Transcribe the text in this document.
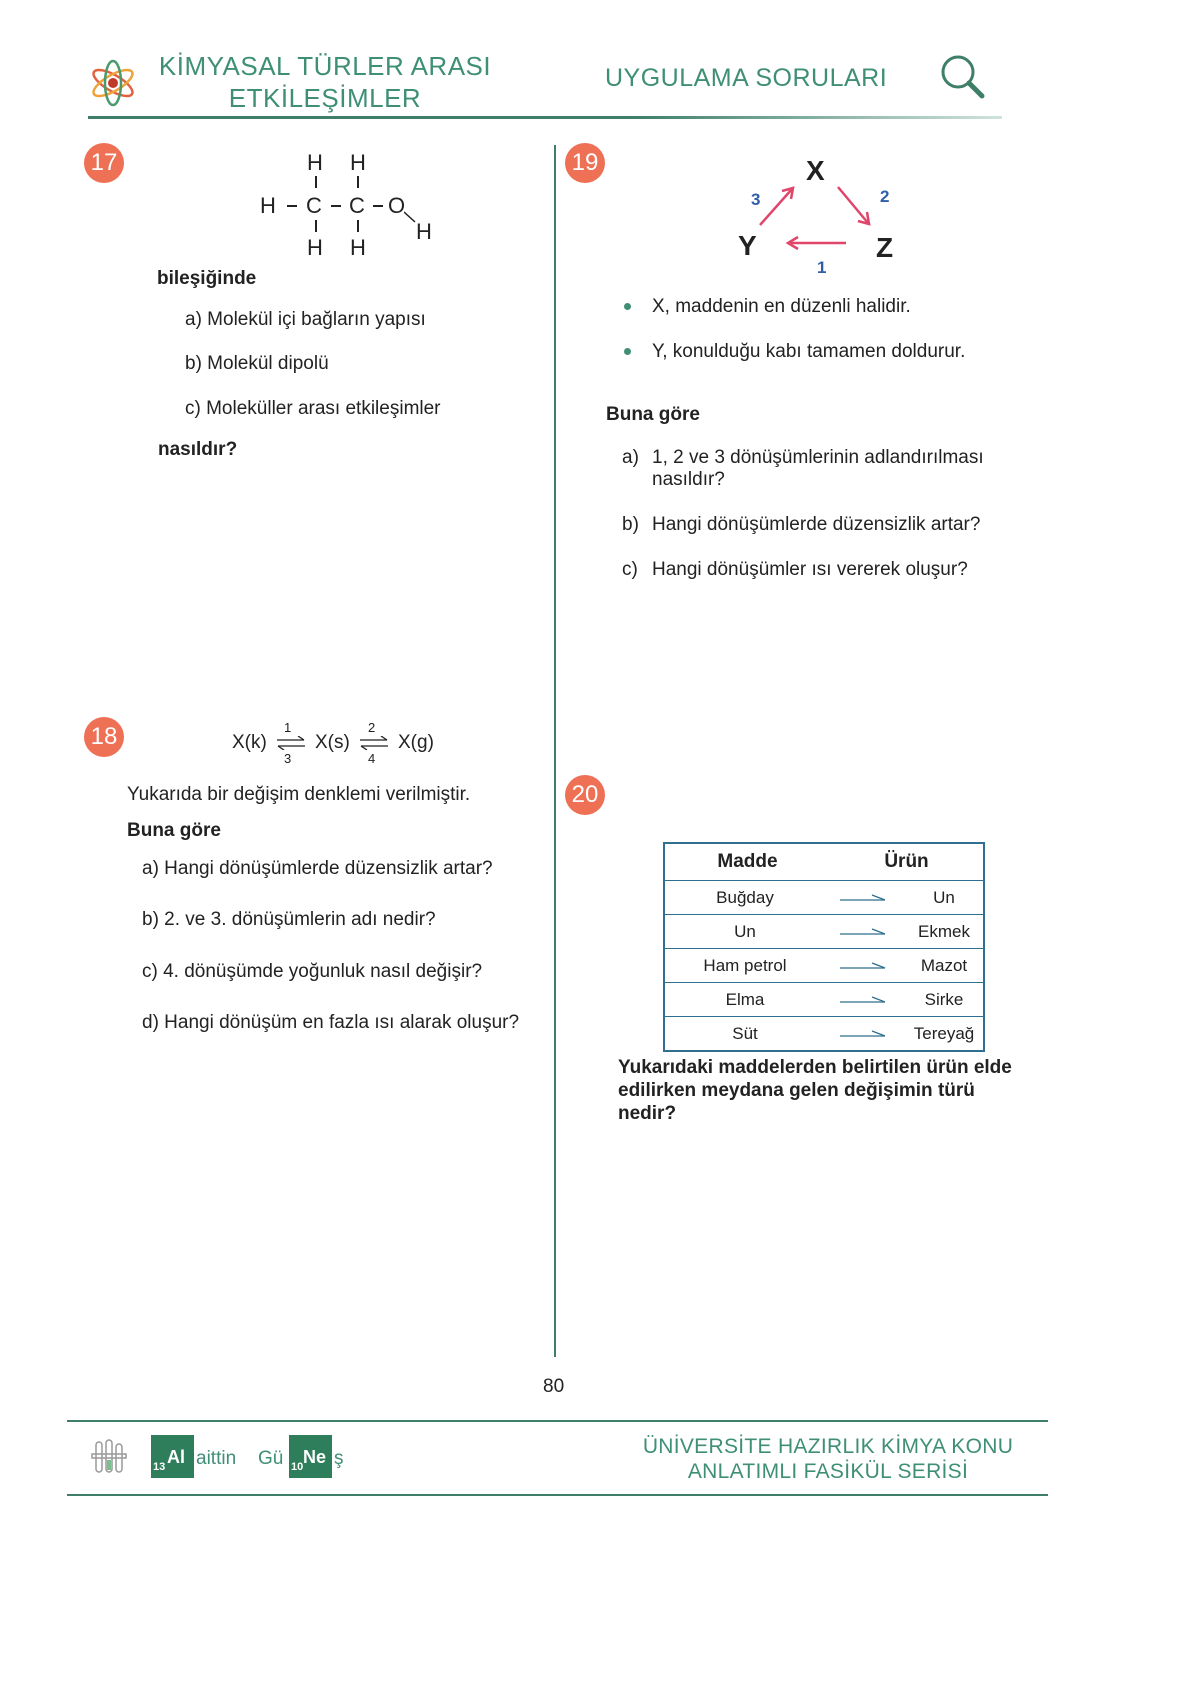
KİMYASAL TÜRLER ARASI
ETKİLEŞİMLER
UYGULAMA SORULARI
17	H H
H C C O
H
H H
bileşiğinde
a) Molekül içi bağların yapısı
b) Molekül dipolü
c) Moleküller arası etkileşimler
nasıldır?
18	X(k) ⇌
1
3
X(s) ⇌
2
4
X(g)
Yukarıda bir değişim denklemi verilmiştir.
Buna göre
a) Hangi dönüşümlerde düzensizlik artar?
b) 2. ve 3. dönüşümlerin adı nedir?
c) 4. dönüşümde yoğunluk nasıl değişir?
d) Hangi dönüşüm en fazla ısı alarak oluşur?
19	X
Y	Z
3	2
1
X, maddenin en düzenli halidir.
Y, konulduğu kabı tamamen doldurur.
Buna göre
a) 1, 2 ve 3 dönüşümlerinin adlandırılması
nasıldır?
b) Hangi dönüşümlerde düzensizlik artar?
c) Hangi dönüşümler ısı vererek oluşur?
20
Madde	Ürün

Buğday	Un

Un	Ekmek

Ham petrol	Mazot

Elma	Sirke

Süt	Tereyağ
Yukarıdaki maddelerden belirtilen ürün elde
edilirken meydana gelen değişimin türü
nedir?
80
13 Al aittin Gü 10 Ne ş
ÜNİVERSİTE HAZIRLIK KİMYA KONU
ANLATIMLI FASİKÜL SERİSİ
